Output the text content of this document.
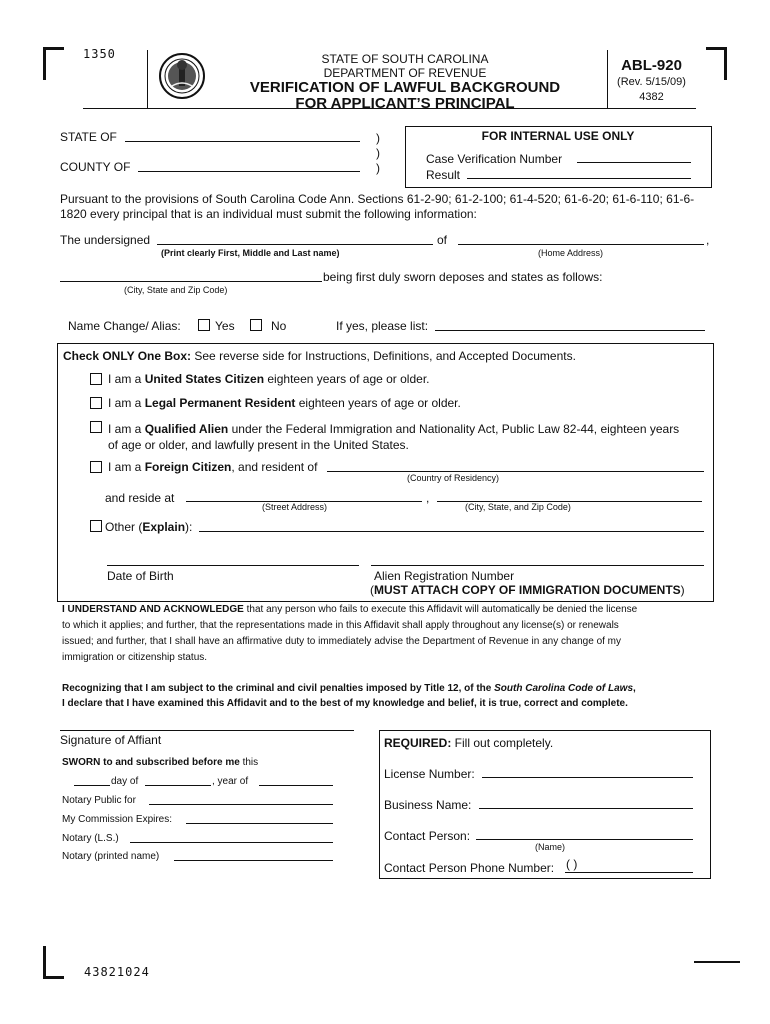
1350	STATE OF SOUTH CAROLINA
DEPARTMENT OF REVENUE
VERIFICATION OF LAWFUL BACKGROUND
FOR APPLICANT’S PRINCIPAL
ABL-920
(Rev. 5/15/09)
4382
STATE OF
COUNTY OF
)
)
)
FOR INTERNAL USE ONLY
Case Verification Number
Result
Pursuant to the provisions of South Carolina Code Ann. Sections 61-2-90; 61-2-100; 61-4-520; 61-6-20; 61-6-110; 61-6-1820 every principal that is an individual must submit the following information:
The undersigned
(Print clearly First, Middle and Last name)
of	,
(Home Address)
being first duly sworn deposes and states as follows:
(City, State and Zip Code)
Name Change/ Alias:	Yes	No	If yes, please list:
Check ONLY One Box: See reverse side for Instructions, Definitions, and Accepted Documents.
I am a United States Citizen eighteen years of age or older.
I am a Legal Permanent Resident eighteen years of age or older.
I am a Qualified Alien under the Federal Immigration and Nationality Act, Public Law 82-44, eighteen years
of age or older, and lawfully present in the United States.
I am a Foreign Citizen, and resident of
(Country of Residency)
and reside at	,
(Street Address)	(City, State, and Zip Code)
Other (Explain):
Date of Birth	Alien Registration Number
(MUST ATTACH COPY OF IMMIGRATION DOCUMENTS)
I UNDERSTAND AND ACKNOWLEDGE that any person who fails to execute this Affidavit will automatically be denied the license
to which it applies; and further, that the representations made in this Affidavit shall apply throughout any license(s) or renewals
issued; and further, that I shall have an affirmative duty to immediately advise the Department of Revenue in any change of my
immigration or citizenship status.
Recognizing that I am subject to the criminal and civil penalties imposed by Title 12, of the South Carolina Code of Laws,
I declare that I have examined this Affidavit and to the best of my knowledge and belief, it is true, correct and complete.
Signature of Affiant
SWORN to and subscribed before me this
day of	, year of
Notary Public for
My Commission Expires:
Notary (L.S.)
Notary (printed name)
REQUIRED: Fill out completely.
License Number:
Business Name:
Contact Person:
(Name)
Contact Person Phone Number: ( )
43821024
